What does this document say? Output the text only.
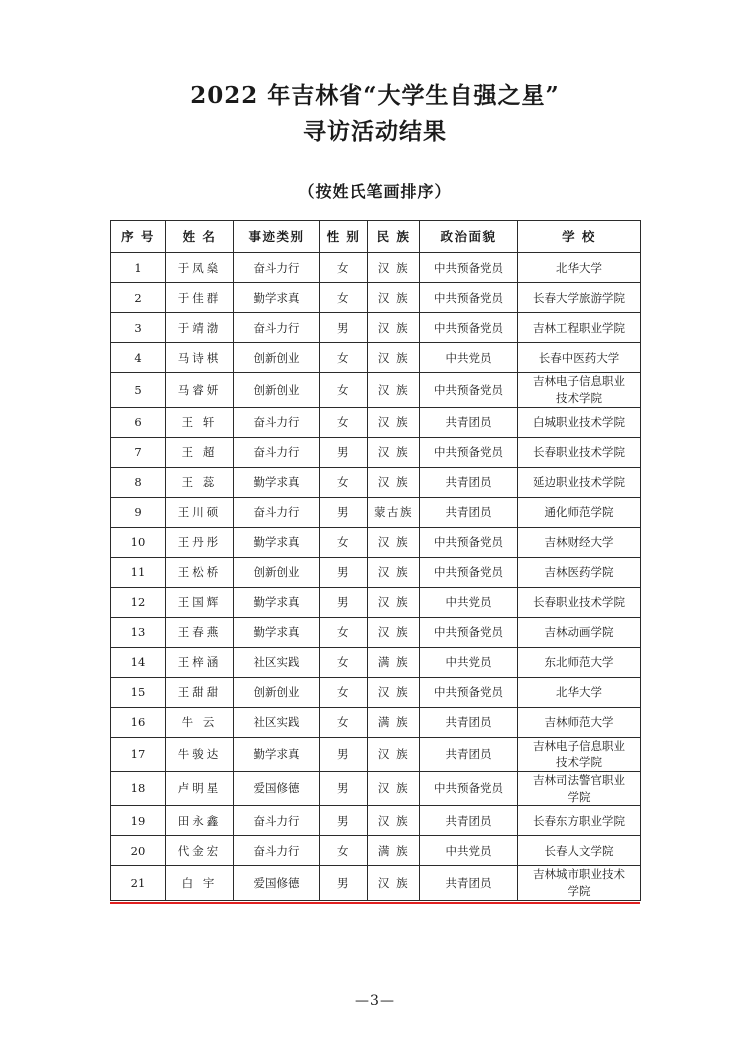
2022 年吉林省“大学生自强之星”
寻访活动结果
（按姓氏笔画排序）
序 号	姓 名	事迹类别	性 别	民 族	政治面貌	学 校
1	于凤燊	奋斗力行	女	汉 族	中共预备党员	北华大学
2	于佳群	勤学求真	女	汉 族	中共预备党员	长春大学旅游学院
3	于靖渤	奋斗力行	男	汉 族	中共预备党员	吉林工程职业学院
4	马诗棋	创新创业	女	汉 族	中共党员	长春中医药大学
5	马睿妍	创新创业	女	汉 族	中共预备党员	吉林电子信息职业
技术学院

6	王 轩	奋斗力行	女	汉 族	共青团员	白城职业技术学院
7	王 超	奋斗力行	男	汉 族	中共预备党员	长春职业技术学院
8	王 蕊	勤学求真	女	汉 族	共青团员	延边职业技术学院
9	王川硕	奋斗力行	男	蒙古族	共青团员	通化师范学院
10	王丹彤	勤学求真	女	汉 族	中共预备党员	吉林财经大学
11	王松桥	创新创业	男	汉 族	中共预备党员	吉林医药学院
12	王国辉	勤学求真	男	汉 族	中共党员	长春职业技术学院
13	王春燕	勤学求真	女	汉 族	中共预备党员	吉林动画学院
14	王梓涵	社区实践	女	满 族	中共党员	东北师范大学
15	王甜甜	创新创业	女	汉 族	中共预备党员	北华大学
16	牛 云	社区实践	女	满 族	共青团员	吉林师范大学
17	牛骏达	勤学求真	男	汉 族	共青团员	吉林电子信息职业
技术学院

18	卢明星	爱国修德	男	汉 族	中共预备党员	吉林司法警官职业
学院

19	田永鑫	奋斗力行	男	汉 族	共青团员	长春东方职业学院
20	代金宏	奋斗力行	女	满 族	中共党员	长春人文学院
21	白 宇	爱国修德	男	汉 族	共青团员	吉林城市职业技术
学院
—3—
